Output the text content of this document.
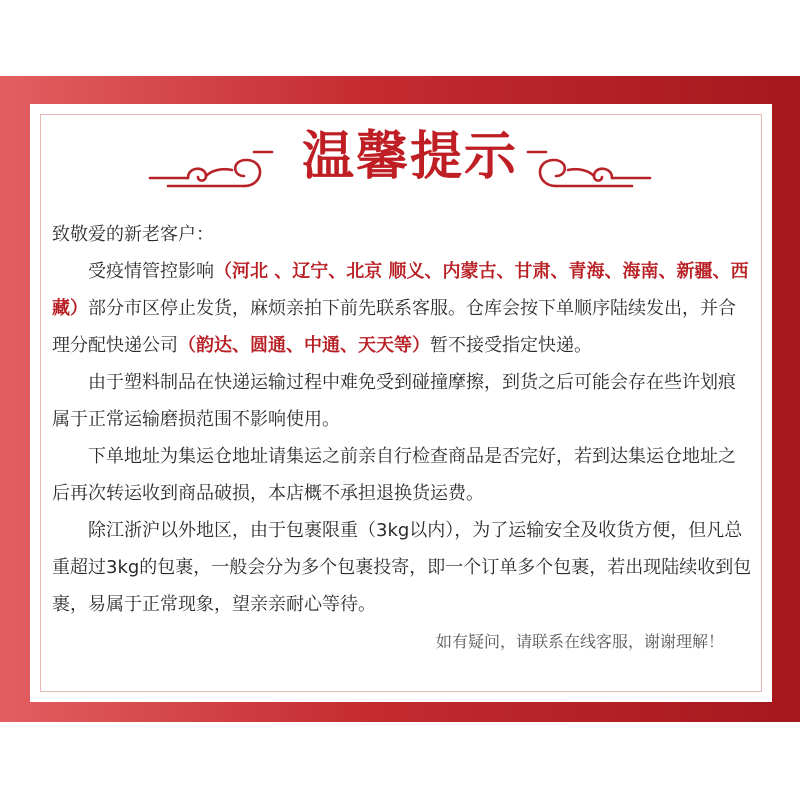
温馨提示

致敬爱的新老客户：

受疫情管控影响（河北 、辽宁、北京 顺义、内蒙古、甘肃、青海、海南、新疆、西藏）部分市区停止发货，麻烦亲拍下前先联系客服。仓库会按下单顺序陆续发出，并合理分配快递公司（韵达、圆通、中通、天天等）暂不接受指定快递。

由于塑料制品在快递运输过程中难免受到碰撞摩擦，到货之后可能会存在些许划痕属于正常运输磨损范围不影响使用。

下单地址为集运仓地址请集运之前亲自行检查商品是否完好，若到达集运仓地址之后再次转运收到商品破损，本店概不承担退换货运费。

除江浙沪以外地区，由于包裹限重（3kg以内），为了运输安全及收货方便，但凡总重超过3kg的包裹，一般会分为多个包裹投寄，即一个订单多个包裹，若出现陆续收到包裹，易属于正常现象，望亲亲耐心等待。

如有疑问，请联系在线客服，谢谢理解！
